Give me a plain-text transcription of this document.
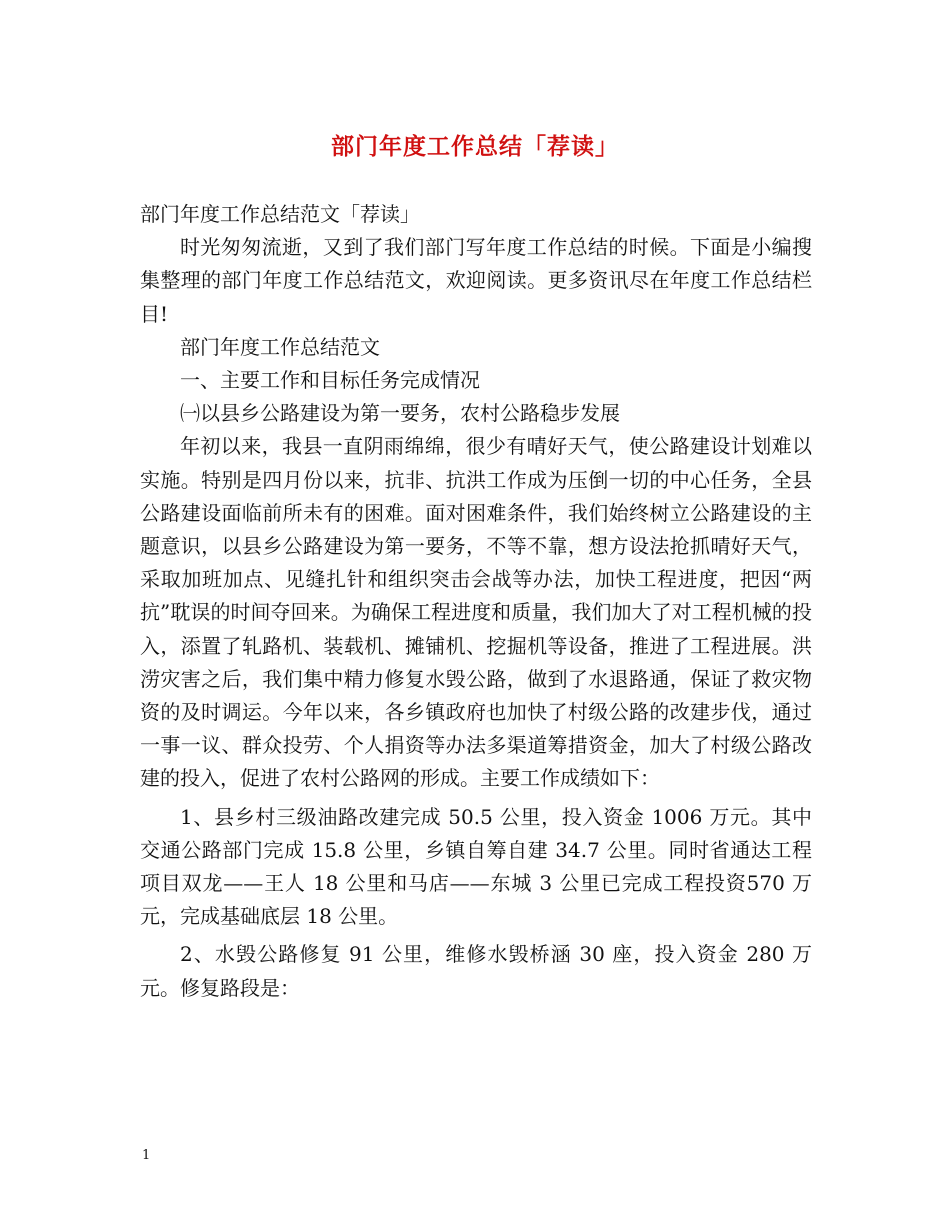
部门年度工作总结「荐读」

部门年度工作总结范文「荐读」

时光匆匆流逝，又到了我们部门写年度工作总结的时候。下面是小编搜集整理的部门年度工作总结范文，欢迎阅读。更多资讯尽在年度工作总结栏目!

部门年度工作总结范文

一、主要工作和目标任务完成情况

㈠以县乡公路建设为第一要务，农村公路稳步发展

年初以来，我县一直阴雨绵绵，很少有晴好天气，使公路建设计划难以实施。特别是四月份以来，抗非、抗洪工作成为压倒一切的中心任务，全县公路建设面临前所未有的困难。面对困难条件，我们始终树立公路建设的主题意识，以县乡公路建设为第一要务，不等不靠，想方设法抢抓晴好天气，采取加班加点、见缝扎针和组织突击会战等办法，加快工程进度，把因“两抗”耽误的时间夺回来。为确保工程进度和质量，我们加大了对工程机械的投入，添置了轧路机、装载机、摊铺机、挖掘机等设备，推进了工程进展。洪涝灾害之后，我们集中精力修复水毁公路，做到了水退路通，保证了救灾物资的及时调运。今年以来，各乡镇政府也加快了村级公路的改建步伐，通过一事一议、群众投劳、个人捐资等办法多渠道筹措资金，加大了村级公路改建的投入，促进了农村公路网的形成。主要工作成绩如下：

1、县乡村三级油路改建完成 50.5 公里，投入资金 1006 万元。其中交通公路部门完成 15.8 公里，乡镇自筹自建 34.7 公里。同时省通达工程项目双龙——王人 18 公里和马店——东城 3 公里已完成工程投资570 万元，完成基础底层 18 公里。

2、水毁公路修复 91 公里，维修水毁桥涵 30 座，投入资金 280 万元。修复路段是：

1
